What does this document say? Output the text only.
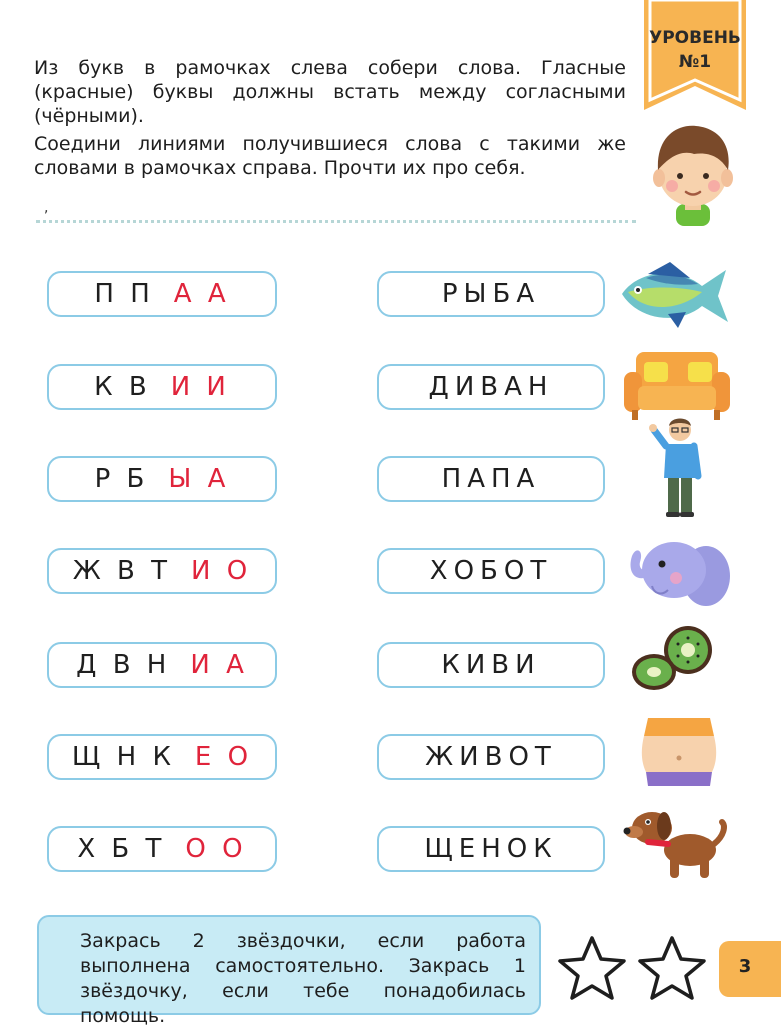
УРОВЕНЬ
№1
Из букв в рамочках слева собери слова. Гласные (красные) буквы должны встать между согласными (чёрными).
Соедини линиями получившиеся слова с такими же словами в рамочках справа. Прочти их про себя.
,
П П А А	РЫБА
К В И И	ДИВАН
Р Б Ы А	ПАПА
Ж В Т И О	ХОБОТ
Д В Н И А	КИВИ
Щ Н К Е О	ЖИВОТ
Х Б Т О О	ЩЕНОК
Закрась 2 звёздочки, если работа выполнена самостоятельно. Закрась 1 звёздочку, если тебе понадобилась помощь.
3
